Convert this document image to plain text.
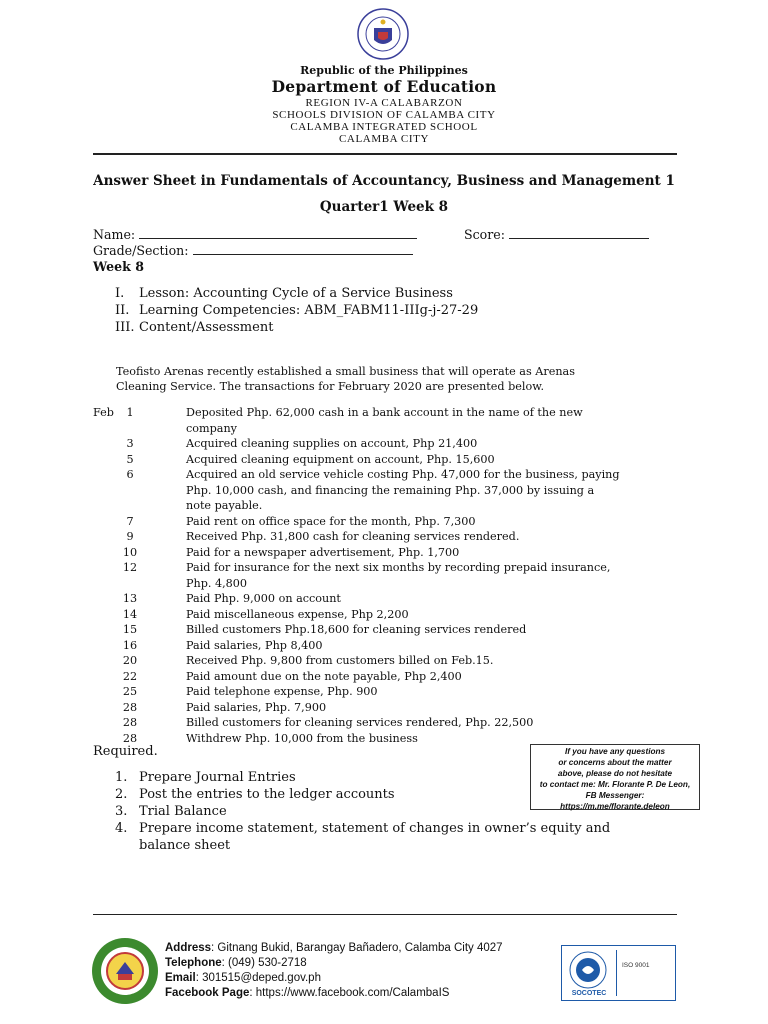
Republic of the Philippines
Department of Education
REGION IV-A CALABARZON
SCHOOLS DIVISION OF CALAMBA CITY
CALAMBA INTEGRATED SCHOOL
CALAMBA CITY
Answer Sheet in Fundamentals of Accountancy, Business and Management 1
Quarter1 Week 8
Name:	Score:
Grade/Section:
Week 8
I. Lesson: Accounting Cycle of a Service Business
II. Learning Competencies: ABM_FABM11-IIIg-j-27-29
III. Content/Assessment
Teofisto Arenas recently established a small business that will operate as Arenas
Cleaning Service. The transactions for February 2020 are presented below.
Feb	1	Deposited Php. 62,000 cash in a bank account in the name of the new
company
3	Acquired cleaning supplies on account, Php 21,400
5	Acquired cleaning equipment on account, Php. 15,600
6	Acquired an old service vehicle costing Php. 47,000 for the business, paying
Php. 10,000 cash, and financing the remaining Php. 37,000 by issuing a
note payable.
7	Paid rent on office space for the month, Php. 7,300
9	Received Php. 31,800 cash for cleaning services rendered.
10	Paid for a newspaper advertisement, Php. 1,700
12	Paid for insurance for the next six months by recording prepaid insurance,
Php. 4,800
13	Paid Php. 9,000 on account
14	Paid miscellaneous expense, Php 2,200
15	Billed customers Php.18,600 for cleaning services rendered
16	Paid salaries, Php 8,400
20	Received Php. 9,800 from customers billed on Feb.15.
22	Paid amount due on the note payable, Php 2,400
25	Paid telephone expense, Php. 900
28	Paid salaries, Php. 7,900
28	Billed customers for cleaning services rendered, Php. 22,500
28	Withdrew Php. 10,000 from the business
Required.
1. Prepare Journal Entries
2. Post the entries to the ledger accounts
3. Trial Balance
4. Prepare income statement, statement of changes in owner’s equity and
balance sheet
If you have any questions
or concerns about the matter
above, please do not hesitate
to contact me: Mr. Florante P. De Leon,
FB Messenger:
https://m.me/florante.deleon
Address: Gitnang Bukid, Barangay Bañadero, Calamba City 4027
Telephone: (049) 530-2718
Email: 301515@deped.gov.ph
Facebook Page: https://www.facebook.com/CalambaIS	SOCOTEC
ISO 9001
